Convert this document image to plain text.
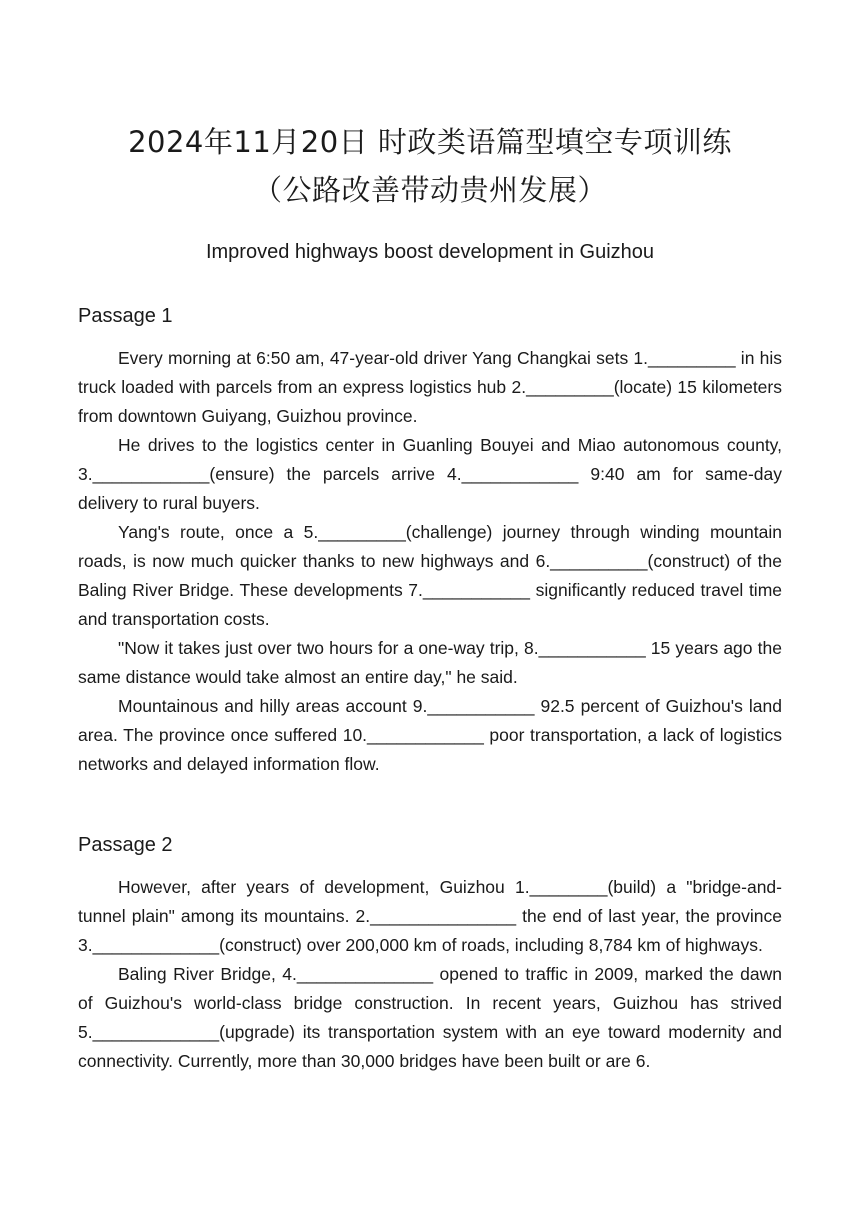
2024年11月20日 时政类语篇型填空专项训练
（公路改善带动贵州发展）
Improved highways boost development in Guizhou
Passage 1

Every morning at 6:50 am, 47-year-old driver Yang Changkai sets 1._________ in his truck loaded with parcels from an express logistics hub 2._________(locate) 15 kilometers from downtown Guiyang, Guizhou province.

He drives to the logistics center in Guanling Bouyei and Miao autonomous county, 3.____________(ensure) the parcels arrive 4.____________ 9:40 am for same-day delivery to rural buyers.

Yang's route, once a 5._________(challenge) journey through winding mountain roads, is now much quicker thanks to new highways and 6.__________(construct) of the Baling River Bridge. These developments 7.___________ significantly reduced travel time and transportation costs.

"Now it takes just over two hours for a one-way trip, 8.___________ 15 years ago the same distance would take almost an entire day," he said.

Mountainous and hilly areas account 9.___________ 92.5 percent of Guizhou's land area. The province once suffered 10.____________ poor transportation, a lack of logistics networks and delayed information flow.

Passage 2

However, after years of development, Guizhou 1.________(build) a "bridge-and-tunnel plain" among its mountains. 2._______________ the end of last year, the province 3._____________(construct) over 200,000 km of roads, including 8,784 km of highways.

Baling River Bridge, 4.______________ opened to traffic in 2009, marked the dawn of Guizhou's world-class bridge construction. In recent years, Guizhou has strived 5._____________(upgrade) its transportation system with an eye toward modernity and connectivity. Currently, more than 30,000 bridges have been built or are 6.
